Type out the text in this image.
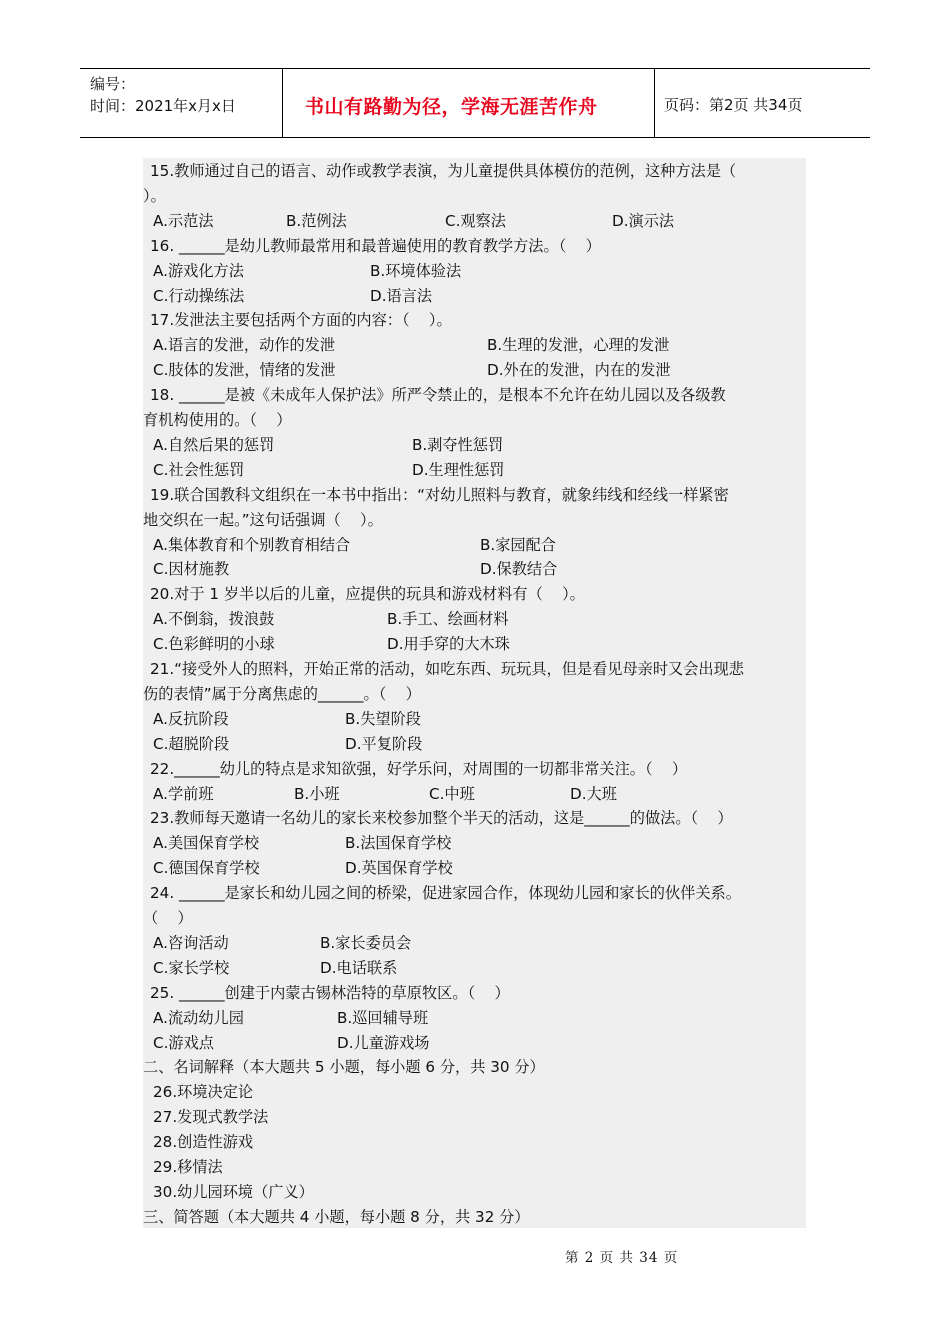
编号：
时间：2021年x月x日	书山有路勤为径，学海无涯苦作舟	页码：第2页 共34页
15.教师通过自己的语言、动作或教学表演，为儿童提供具体模仿的范例，这种方法是（
）。
A.示范法	B.范例法	C.观察法	D.演示法
16. ______是幼儿教师最常用和最普遍使用的教育教学方法。（    ）
A.游戏化方法	B.环境体验法
C.行动操练法	D.语言法
17.发泄法主要包括两个方面的内容：（    ）。
A.语言的发泄，动作的发泄	B.生理的发泄，心理的发泄
C.肢体的发泄，情绪的发泄	D.外在的发泄，内在的发泄
18. ______是被《未成年人保护法》所严令禁止的，是根本不允许在幼儿园以及各级教
育机构使用的。（    ）
A.自然后果的惩罚	B.剥夺性惩罚
C.社会性惩罚	D.生理性惩罚
19.联合国教科文组织在一本书中指出：“对幼儿照料与教育，就象纬线和经线一样紧密
地交织在一起。”这句话强调（    ）。
A.集体教育和个别教育相结合	B.家园配合
C.因材施教	D.保教结合
20.对于 1 岁半以后的儿童，应提供的玩具和游戏材料有（    ）。
A.不倒翁，拨浪鼓	B.手工、绘画材料
C.色彩鲜明的小球	D.用手穿的大木珠
21.“接受外人的照料，开始正常的活动，如吃东西、玩玩具，但是看见母亲时又会出现悲
伤的表情”属于分离焦虑的______。（    ）
A.反抗阶段	B.失望阶段
C.超脱阶段	D.平复阶段
22.______幼儿的特点是求知欲强，好学乐问，对周围的一切都非常关注。（    ）
A.学前班	B.小班	C.中班	D.大班
23.教师每天邀请一名幼儿的家长来校参加整个半天的活动，这是______的做法。（    ）
A.美国保育学校	B.法国保育学校
C.德国保育学校	D.英国保育学校
24. ______是家长和幼儿园之间的桥梁，促进家园合作，体现幼儿园和家长的伙伴关系。
（    ）
A.咨询活动	B.家长委员会
C.家长学校	D.电话联系
25. ______创建于内蒙古锡林浩特的草原牧区。（    ）
A.流动幼儿园	B.巡回辅导班
C.游戏点	D.儿童游戏场
二、名词解释（本大题共 5 小题，每小题 6 分，共 30 分）
26.环境决定论
27.发现式教学法
28.创造性游戏
29.移情法
30.幼儿园环境（广义）
三、简答题（本大题共 4 小题，每小题 8 分，共 32 分）
第 2 页 共 34 页
